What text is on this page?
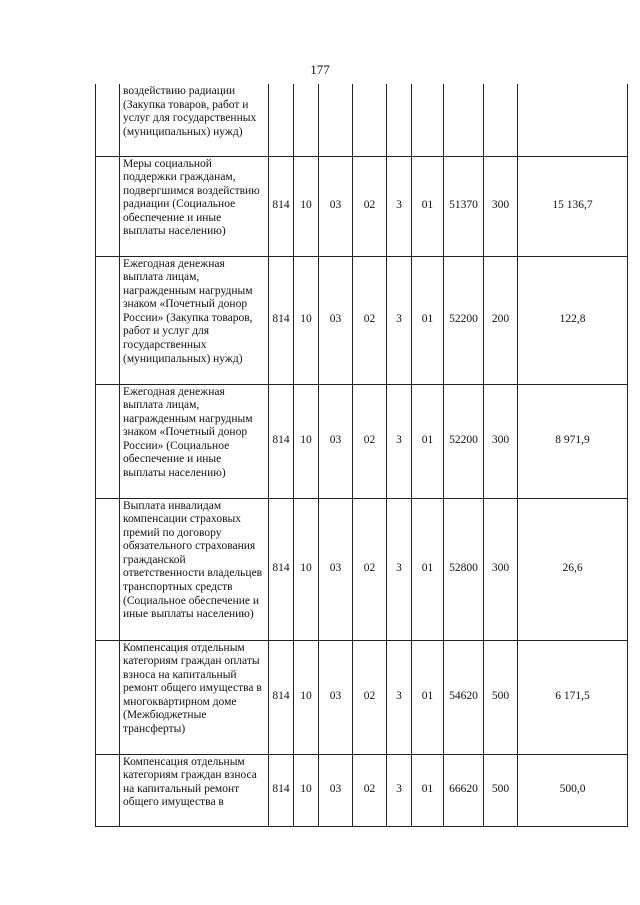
177
	воздействию радиации (Закупка товаров, работ и услуг для государственных (муниципальных) нужд)									
	Меры социальной поддержки гражданам, подвергшимся воздействию радиации (Социальное обеспечение и иные выплаты населению)	814	10	03	02	3	01	51370	300	15 136,7
	Ежегодная денежная выплата лицам, награжденным нагрудным знаком «Почетный донор России» (Закупка товаров, работ и услуг для государственных (муниципальных) нужд)	814	10	03	02	3	01	52200	200	122,8
	Ежегодная денежная выплата лицам, награжденным нагрудным знаком «Почетный донор России» (Социальное обеспечение и иные выплаты населению)	814	10	03	02	3	01	52200	300	8 971,9
	Выплата инвалидам компенсации страховых премий по договору обязательного страхования гражданской ответственности владельцев транспортных средств (Социальное обеспечение и иные выплаты населению)	814	10	03	02	3	01	52800	300	26,6
	Компенсация отдельным категориям граждан оплаты взноса на капитальный ремонт общего имущества в многоквартирном доме (Межбюджетные трансферты)	814	10	03	02	3	01	54620	500	6 171,5
	Компенсация отдельным категориям граждан взноса на капитальный ремонт общего имущества в	814	10	03	02	3	01	66620	500	500,0
